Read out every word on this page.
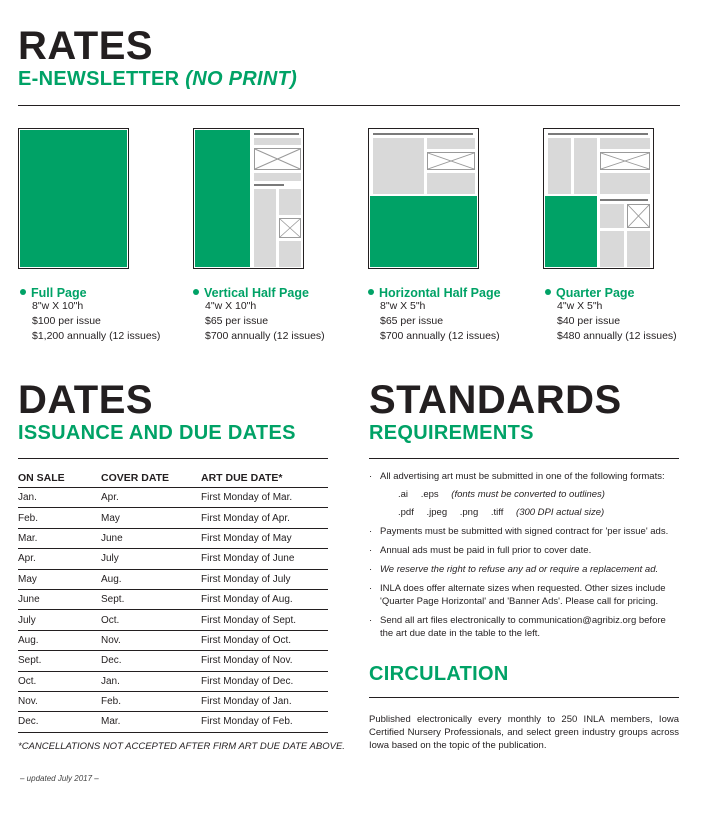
RATES
E-NEWSLETTER (NO PRINT)
Full Page
8"w X 10"h
$100 per issue
$1,200 annually (12 issues)
Vertical Half Page
4"w X 10"h
$65 per issue
$700 annually (12 issues)
Horizontal Half Page
8"w X 5"h
$65 per issue
$700 annually (12 issues)
Quarter Page
4"w X 5"h
$40 per issue
$480 annually (12 issues)
DATES
ISSUANCE AND DUE DATES
ON SALE	COVER DATE	ART DUE DATE*
Jan.	Apr.	First Monday of Mar.
Feb.	May	First Monday of Apr.
Mar.	June	First Monday of May
Apr.	July	First Monday of June
May	Aug.	First Monday of July
June	Sept.	First Monday of Aug.
July	Oct.	First Monday of Sept.
Aug.	Nov.	First Monday of Oct.
Sept.	Dec.	First Monday of Nov.
Oct.	Jan.	First Monday of Dec.
Nov.	Feb.	First Monday of Jan.
Dec.	Mar.	First Monday of Feb.
*CANCELLATIONS NOT ACCEPTED AFTER FIRM ART DUE DATE ABOVE.
– updated July 2017 –
STANDARDS
REQUIREMENTS
· All advertising art must be submitted in one of the following formats:
.ai .eps (fonts must be converted to outlines)
.pdf .jpeg .png .tiff (300 DPI actual size)
· Payments must be submitted with signed contract for 'per issue' ads.
· Annual ads must be paid in full prior to cover date.
· We reserve the right to refuse any ad or require a replacement ad.
· INLA does offer alternate sizes when requested. Other sizes include 'Quarter Page Horizontal' and 'Banner Ads'. Please call for pricing.
· Send all art files electronically to communication@agribiz.org before the art due date in the table to the left.
CIRCULATION
Published electronically every monthly to 250 INLA members, Iowa Certified Nursery Professionals, and select green industry groups across Iowa based on the topic of the publication.
